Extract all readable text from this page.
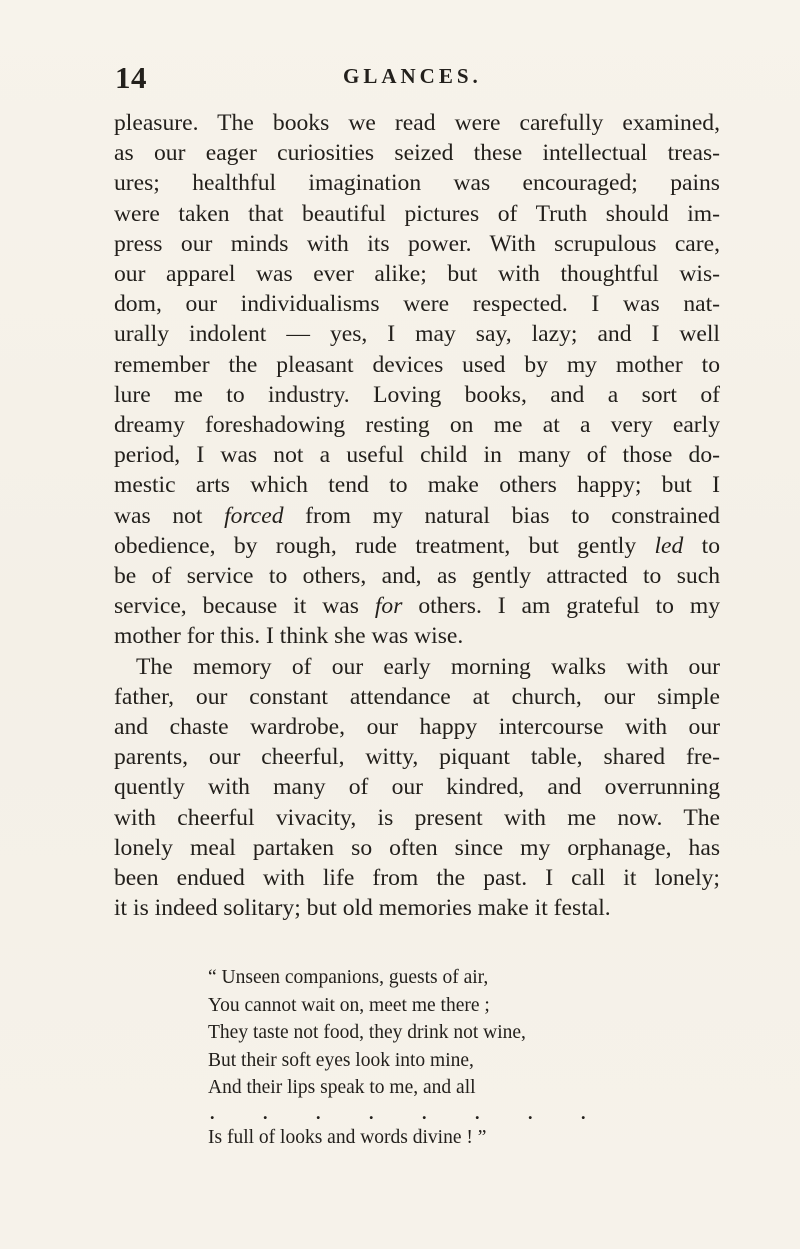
14	GLANCES.

pleasure. The books we read were carefully examined,
as our eager curiosities seized these intellectual treas-
ures; healthful imagination was encouraged; pains
were taken that beautiful pictures of Truth should im-
press our minds with its power. With scrupulous care,
our apparel was ever alike; but with thoughtful wis-
dom, our individualisms were respected. I was nat-
urally indolent — yes, I may say, lazy; and I well
remember the pleasant devices used by my mother to
lure me to industry. Loving books, and a sort of
dreamy foreshadowing resting on me at a very early
period, I was not a useful child in many of those do-
mestic arts which tend to make others happy; but I
was not forced from my natural bias to constrained
obedience, by rough, rude treatment, but gently led to
be of service to others, and, as gently attracted to such
service, because it was for others. I am grateful to my
mother for this. I think she was wise.

The memory of our early morning walks with our
father, our constant attendance at church, our simple
and chaste wardrobe, our happy intercourse with our
parents, our cheerful, witty, piquant table, shared fre-
quently with many of our kindred, and overrunning
with cheerful vivacity, is present with me now. The
lonely meal partaken so often since my orphanage, has
been endued with life from the past. I call it lonely;
it is indeed solitary; but old memories make it festal.

“ Unseen companions, guests of air,
You cannot wait on, meet me there ;
They taste not food, they drink not wine,
But their soft eyes look into mine,
And their lips speak to me, and all
. . . . . . . .
Is full of looks and words divine ! ”
